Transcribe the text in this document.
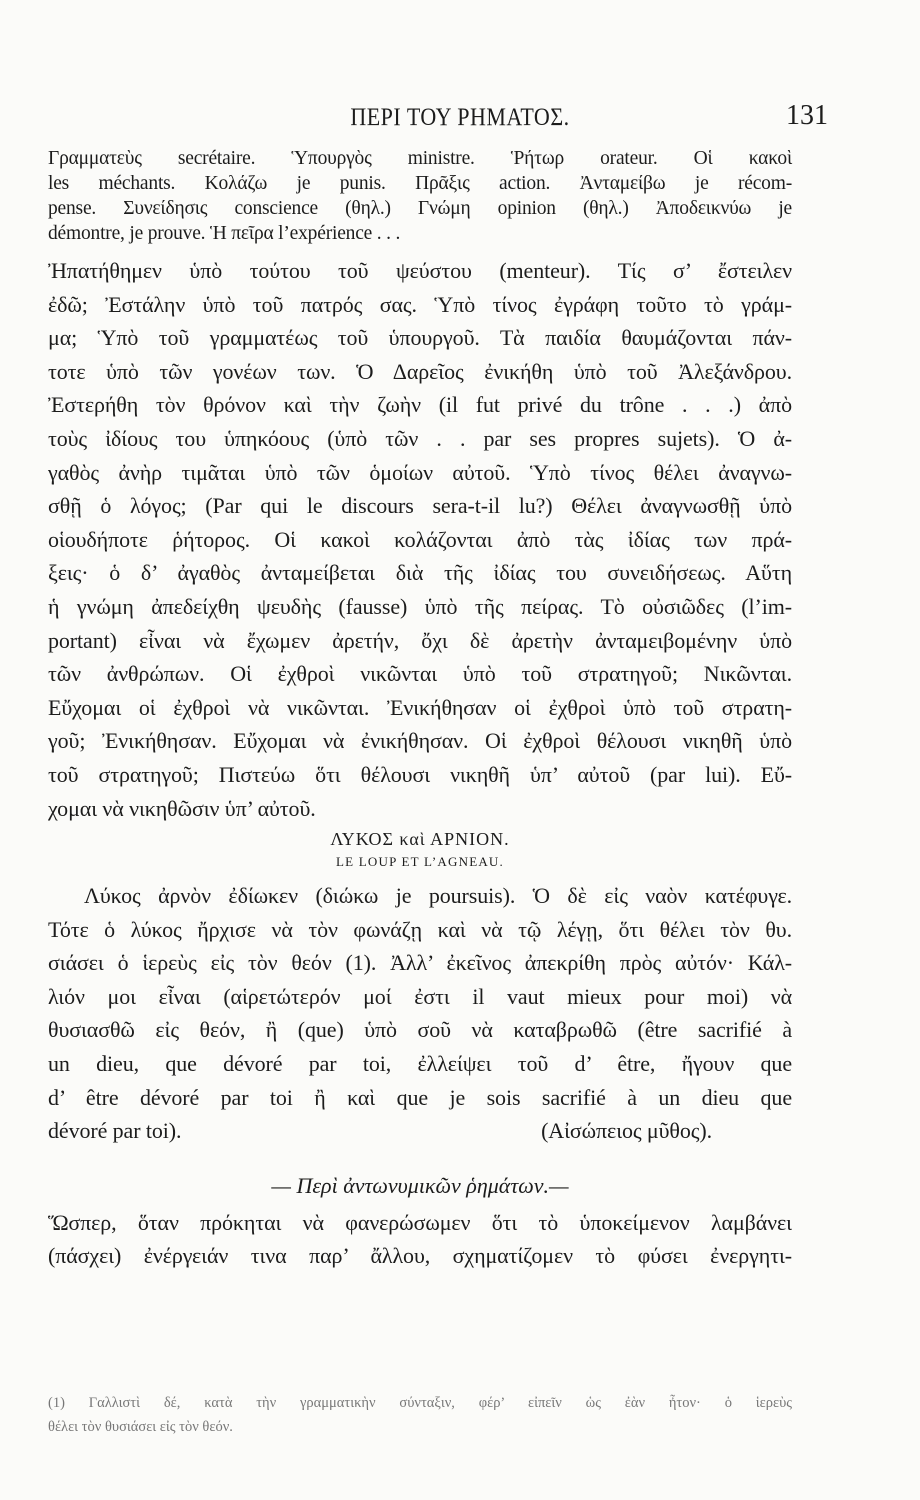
ΠΕΡΙ ΤΟΥ ΡΗΜΑΤΟΣ.	131
Γραμματεὺς secrétaire. Ὑπουργὸς ministre. Ῥήτωρ orateur. Οἱ κακοὶ
les méchants. Κολάζω je punis. Πρᾶξις action. Ἀνταμείβω je récom-
pense. Συνείδησις conscience (θηλ.) Γνώμη opinion (θηλ.) Ἀποδεικνύω je
démontre, je prouve. Ἡ πεῖρα l’expérience . . .
Ἠπατήθημεν ὑπὸ τούτου τοῦ ψεύστου (menteur). Τίς σ’ ἔστειλεν
ἐδῶ; Ἐστάλην ὑπὸ τοῦ πατρός σας. Ὑπὸ τίνος ἐγράφη τοῦτο τὸ γράμ-
μα; Ὑπὸ τοῦ γραμματέως τοῦ ὑπουργοῦ. Τὰ παιδία θαυμάζονται πάν-
τοτε ὑπὸ τῶν γονέων των. Ὁ Δαρεῖος ἐνικήθη ὑπὸ τοῦ Ἀλεξάνδρου.
Ἐστερήθη τὸν θρόνον καὶ τὴν ζωὴν (il fut privé du trône . . .) ἀπὸ
τοὺς ἰδίους του ὑπηκόους (ὑπὸ τῶν . . par ses propres sujets). Ὁ ἀ-
γαθὸς ἀνὴρ τιμᾶται ὑπὸ τῶν ὁμοίων αὐτοῦ. Ὑπὸ τίνος θέλει ἀναγνω-
σθῇ ὁ λόγος; (Par qui le discours sera-t-il lu?) Θέλει ἀναγνωσθῇ ὑπὸ
οἱουδήποτε ῥήτορος. Οἱ κακοὶ κολάζονται ἀπὸ τὰς ἰδίας των πρά-
ξεις· ὁ δ’ ἀγαθὸς ἀνταμείβεται διὰ τῆς ἰδίας του συνειδήσεως. Αὕτη
ἡ γνώμη ἀπεδείχθη ψευδὴς (fausse) ὑπὸ τῆς πείρας. Τὸ οὐσιῶδες (l’im-
portant) εἶναι νὰ ἔχωμεν ἀρετήν, ὄχι δὲ ἀρετὴν ἀνταμειβομένην ὑπὸ
τῶν ἀνθρώπων. Οἱ ἐχθροὶ νικῶνται ὑπὸ τοῦ στρατηγοῦ; Νικῶνται.
Εὔχομαι οἱ ἐχθροὶ νὰ νικῶνται. Ἐνικήθησαν οἱ ἐχθροὶ ὑπὸ τοῦ στρατη-
γοῦ; Ἐνικήθησαν. Εὔχομαι νὰ ἐνικήθησαν. Οἱ ἐχθροὶ θέλουσι νικηθῆ ὑπὸ
τοῦ στρατηγοῦ; Πιστεύω ὅτι θέλουσι νικηθῆ ὑπ’ αὐτοῦ (par lui). Εὔ-
χομαι νὰ νικηθῶσιν ὑπ’ αὐτοῦ.
ΛΥΚΟΣ καὶ ΑΡΝΙΟΝ.
LE LOUP ET L’AGNEAU.
Λύκος ἀρνὸν ἐδίωκεν (διώκω je poursuis). Ὁ δὲ εἰς ναὸν κατέφυγε.
Τότε ὁ λύκος ἤρχισε νὰ τὸν φωνάζῃ καὶ νὰ τῷ λέγῃ, ὅτι θέλει τὸν θυ.
σιάσει ὁ ἱερεὺς εἰς τὸν θεόν (1). Ἀλλ’ ἐκεῖνος ἀπεκρίθη πρὸς αὐτόν· Κάλ-
λιόν μοι εἶναι (αἱρετώτερόν μοί ἐστι il vaut mieux pour moi) νὰ
θυσιασθῶ εἰς θεόν, ἢ (que) ὑπὸ σοῦ νὰ καταβρωθῶ (être sacrifié à
un dieu, que dévoré par toi, ἐλλείψει τοῦ d’ être, ἤγουν que
d’ être dévoré par toi ἢ καὶ que je sois sacrifié à un dieu que
dévoré par toi).	(Αἰσώπειος μῦθος).
— Περὶ ἀντωνυμικῶν ῥημάτων.—
Ὥσπερ, ὅταν πρόκηται νὰ φανερώσωμεν ὅτι τὸ ὑποκείμενον λαμβάνει
(πάσχει) ἐνέργειάν τινα παρ’ ἄλλου, σχηματίζομεν τὸ φύσει ἐνεργητι-
(1) Γαλλιστὶ δέ, κατὰ τὴν γραμματικὴν σύνταξιν, φέρ’ εἰπεῖν ὡς ἐὰν ἦτον· ὁ ἱερεὺς
θέλει τὸν θυσιάσει εἰς τὸν θεόν.
